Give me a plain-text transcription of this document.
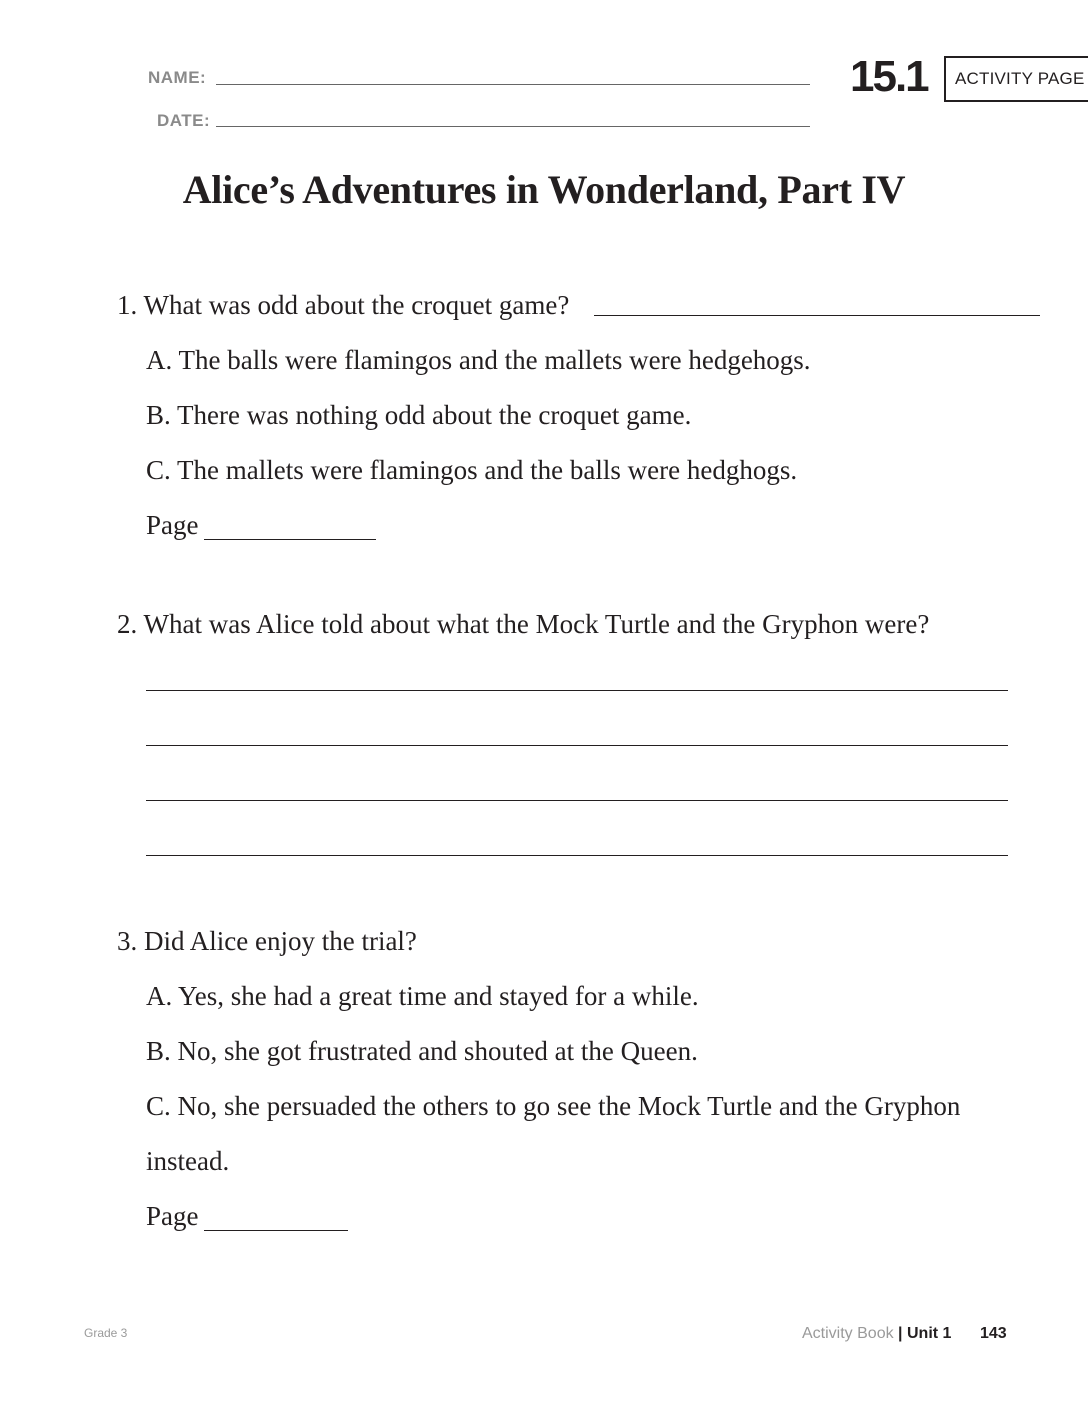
NAME:
DATE:
15.1 ACTIVITY PAGE
Alice’s Adventures in Wonderland, Part IV
1. What was odd about the croquet game?
A. The balls were flamingos and the mallets were hedgehogs.
B. There was nothing odd about the croquet game.
C. The mallets were flamingos and the balls were hedghogs.
Page
2. What was Alice told about what the Mock Turtle and the Gryphon were?
3. Did Alice enjoy the trial?
A. Yes, she had a great time and stayed for a while.
B. No, she got frustrated and shouted at the Queen.
C. No, she persuaded the others to go see the Mock Turtle and the Gryphon
instead.
Page
Grade 3	Activity Book | Unit 1 143
